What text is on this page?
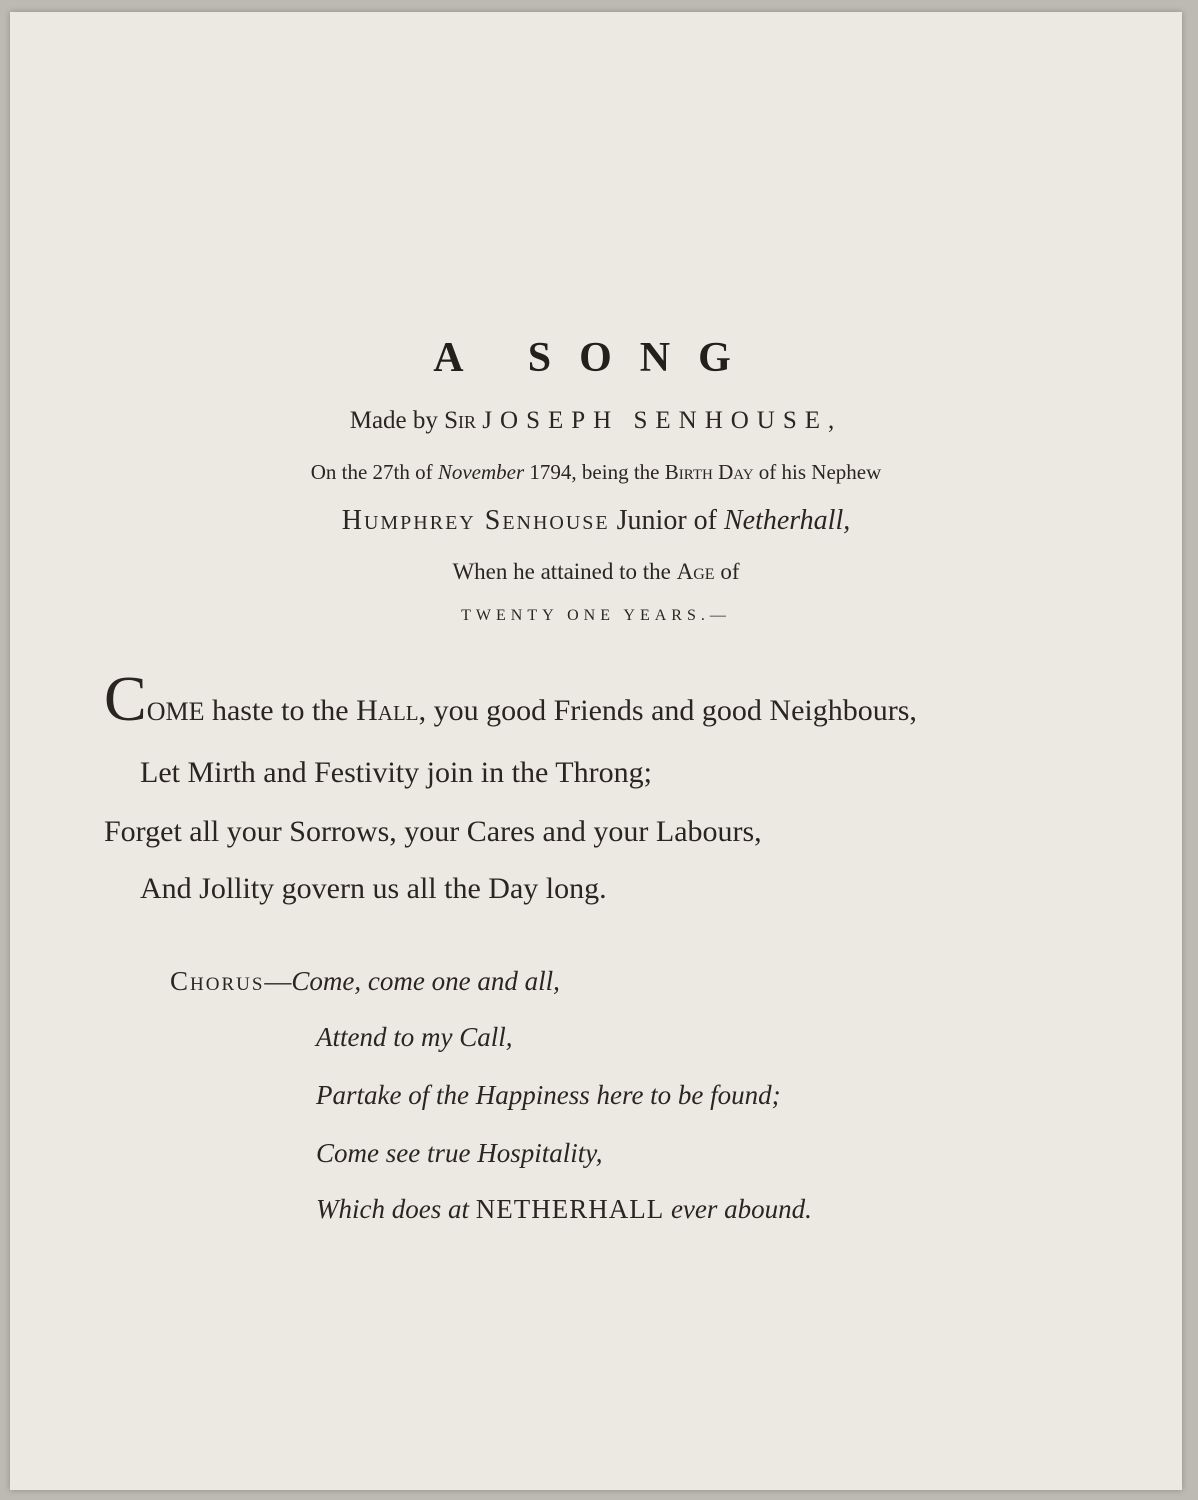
A SONG
Made by Sir JOSEPH SENHOUSE,
On the 27th of November 1794, being the Birth Day of his Nephew
Humphrey Senhouse Junior of Netherhall,
When he attained to the Age of
TWENTY ONE YEARS.—
COME haste to the Hall, you good Friends and good Neighbours,
Let Mirth and Festivity join in the Throng;
Forget all your Sorrows, your Cares and your Labours,
And Jollity govern us all the Day long.
Chorus—Come, come one and all,
Attend to my Call,
Partake of the Happiness here to be found;
Come see true Hospitality,
Which does at NETHERHALL ever abound.
